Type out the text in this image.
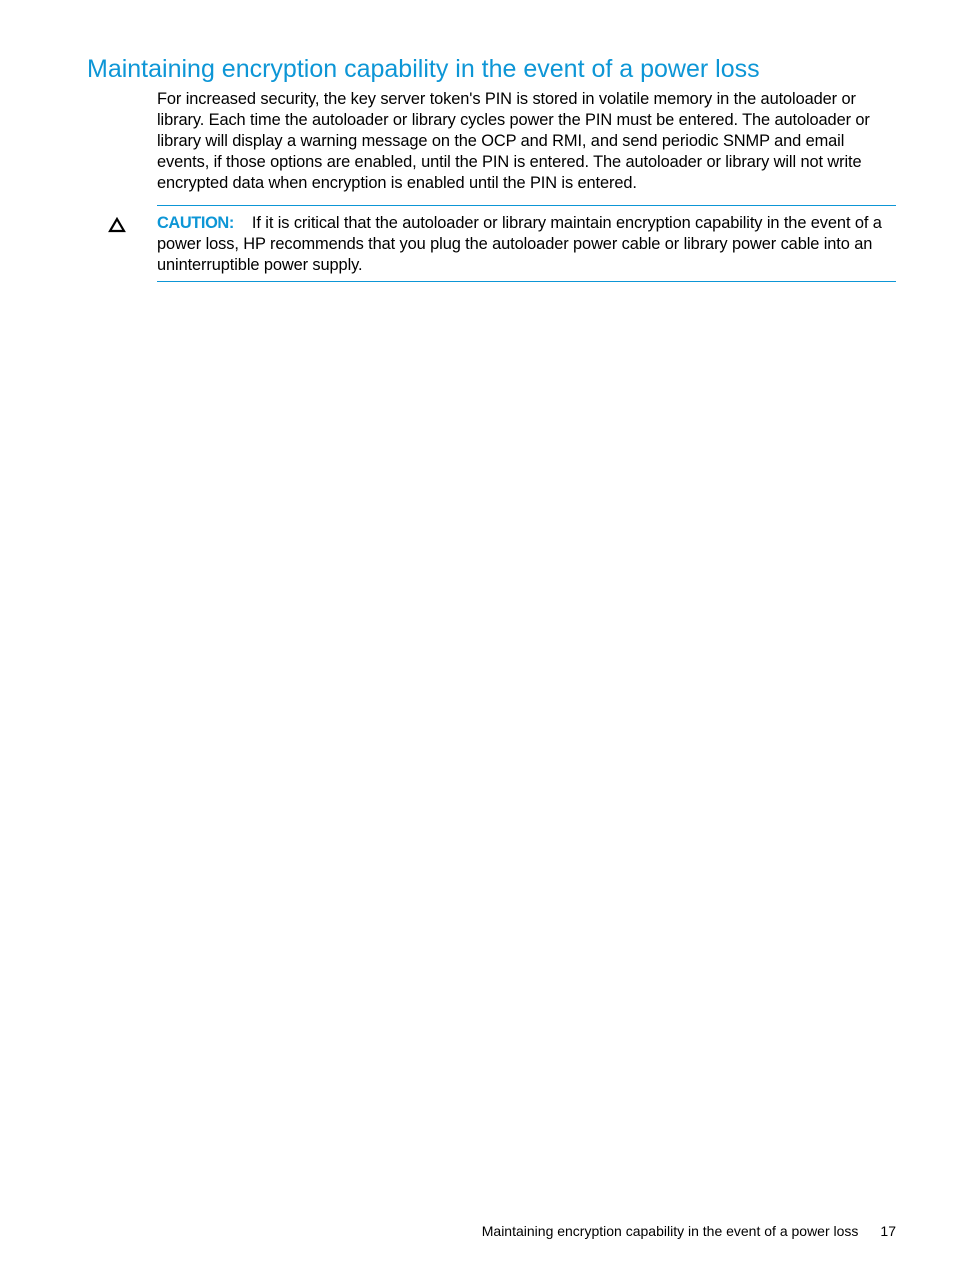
Maintaining encryption capability in the event of a power loss

For increased security, the key server token's PIN is stored in volatile memory in the autoloader or library. Each time the autoloader or library cycles power the PIN must be entered. The autoloader or library will display a warning message on the OCP and RMI, and send periodic SNMP and email events, if those options are enabled, until the PIN is entered. The autoloader or library will not write encrypted data when encryption is enabled until the PIN is entered.

CAUTION: If it is critical that the autoloader or library maintain encryption capability in the event of a power loss, HP recommends that you plug the autoloader power cable or library power cable into an uninterruptible power supply.

Maintaining encryption capability in the event of a power loss 17
